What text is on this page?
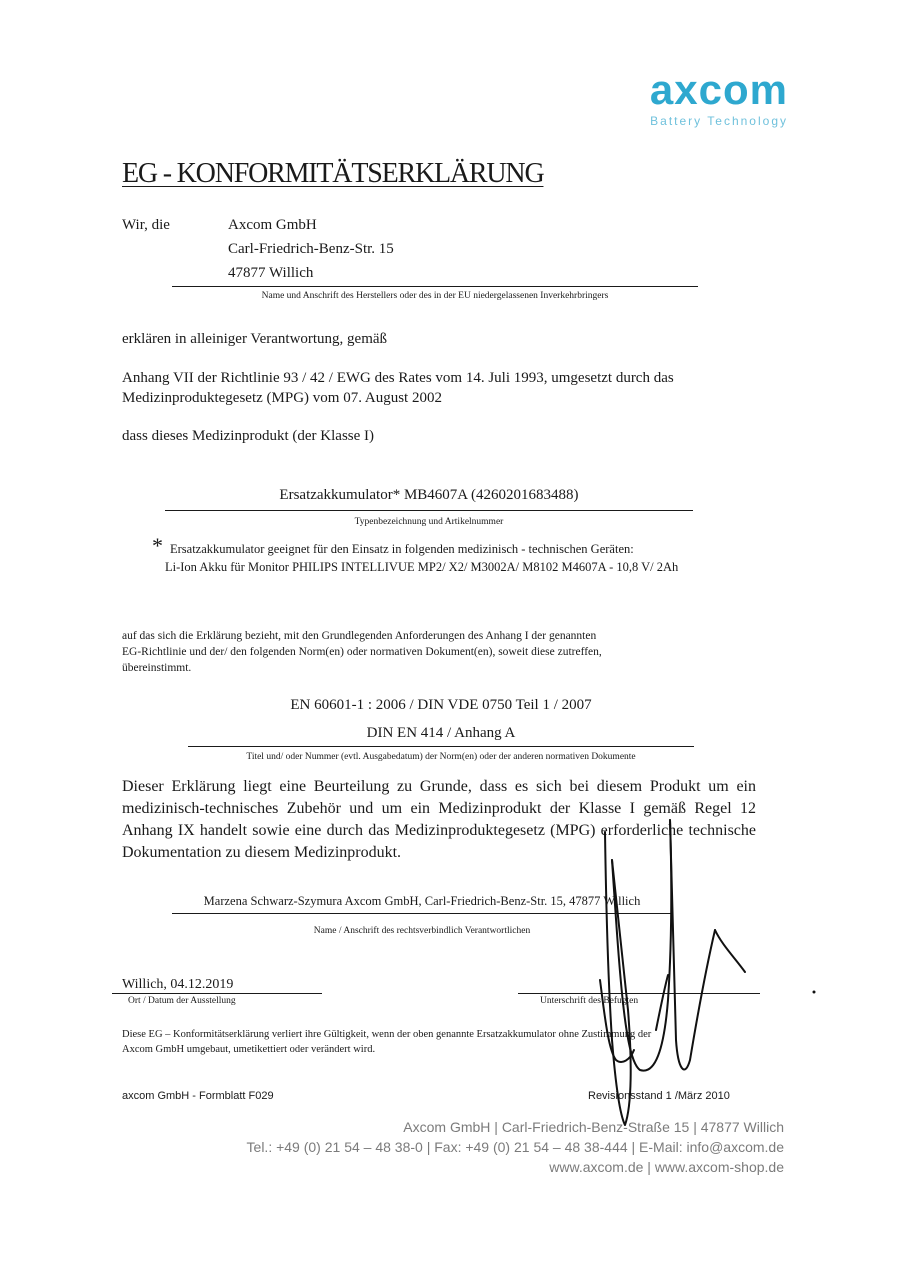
axcom
Battery Technology
EG - KONFORMITÄTSERKLÄRUNG
Wir, die	Axcom GmbH
Carl-Friedrich-Benz-Str. 15
47877 Willich
Name und Anschrift des Herstellers oder des in der EU niedergelassenen Inverkehrbringers
erklären in alleiniger Verantwortung, gemäß
Anhang VII der Richtlinie 93 / 42 / EWG des Rates vom 14. Juli 1993, umgesetzt durch das
Medizinproduktegesetz (MPG) vom 07. August 2002
dass dieses Medizinprodukt (der Klasse I)
Ersatzakkumulator* MB4607A (4260201683488)
Typenbezeichnung und Artikelnummer
* Ersatzakkumulator geeignet für den Einsatz in folgenden medizinisch - technischen Geräten:
Li-Ion Akku für Monitor PHILIPS INTELLIVUE MP2/ X2/ M3002A/ M8102 M4607A - 10,8 V/ 2Ah
auf das sich die Erklärung bezieht, mit den Grundlegenden Anforderungen des Anhang I der genannten
EG-Richtlinie und der/ den folgenden Norm(en) oder normativen Dokument(en), soweit diese zutreffen,
übereinstimmt.
EN 60601-1 : 2006 / DIN VDE 0750 Teil 1 / 2007
DIN EN 414 / Anhang A
Titel und/ oder Nummer (evtl. Ausgabedatum) der Norm(en) oder der anderen normativen Dokumente
Dieser Erklärung liegt eine Beurteilung zu Grunde, dass es sich bei diesem Produkt um ein medizinisch-technisches Zubehör und um ein Medizinprodukt der Klasse I gemäß Regel 12 Anhang IX handelt sowie eine durch das Medizinproduktegesetz (MPG) erforderliche technische Dokumentation zu diesem Medizinprodukt.
Marzena Schwarz-Szymura Axcom GmbH, Carl-Friedrich-Benz-Str. 15, 47877 Willich
Name / Anschrift des rechtsverbindlich Verantwortlichen
Willich, 04.12.2019
Ort / Datum der Ausstellung	Unterschrift des Befugten
Diese EG – Konformitätserklärung verliert ihre Gültigkeit, wenn der oben genannte Ersatzakkumulator ohne Zustimmung der
Axcom GmbH umgebaut, umetikettiert oder verändert wird.
axcom GmbH - Formblatt F029	Revisionsstand 1 /März 2010
Axcom GmbH | Carl-Friedrich-Benz-Straße 15 | 47877 Willich
Tel.: +49 (0) 21 54 – 48 38-0 | Fax: +49 (0) 21 54 – 48 38-444 | E-Mail: info@axcom.de
www.axcom.de | www.axcom-shop.de
